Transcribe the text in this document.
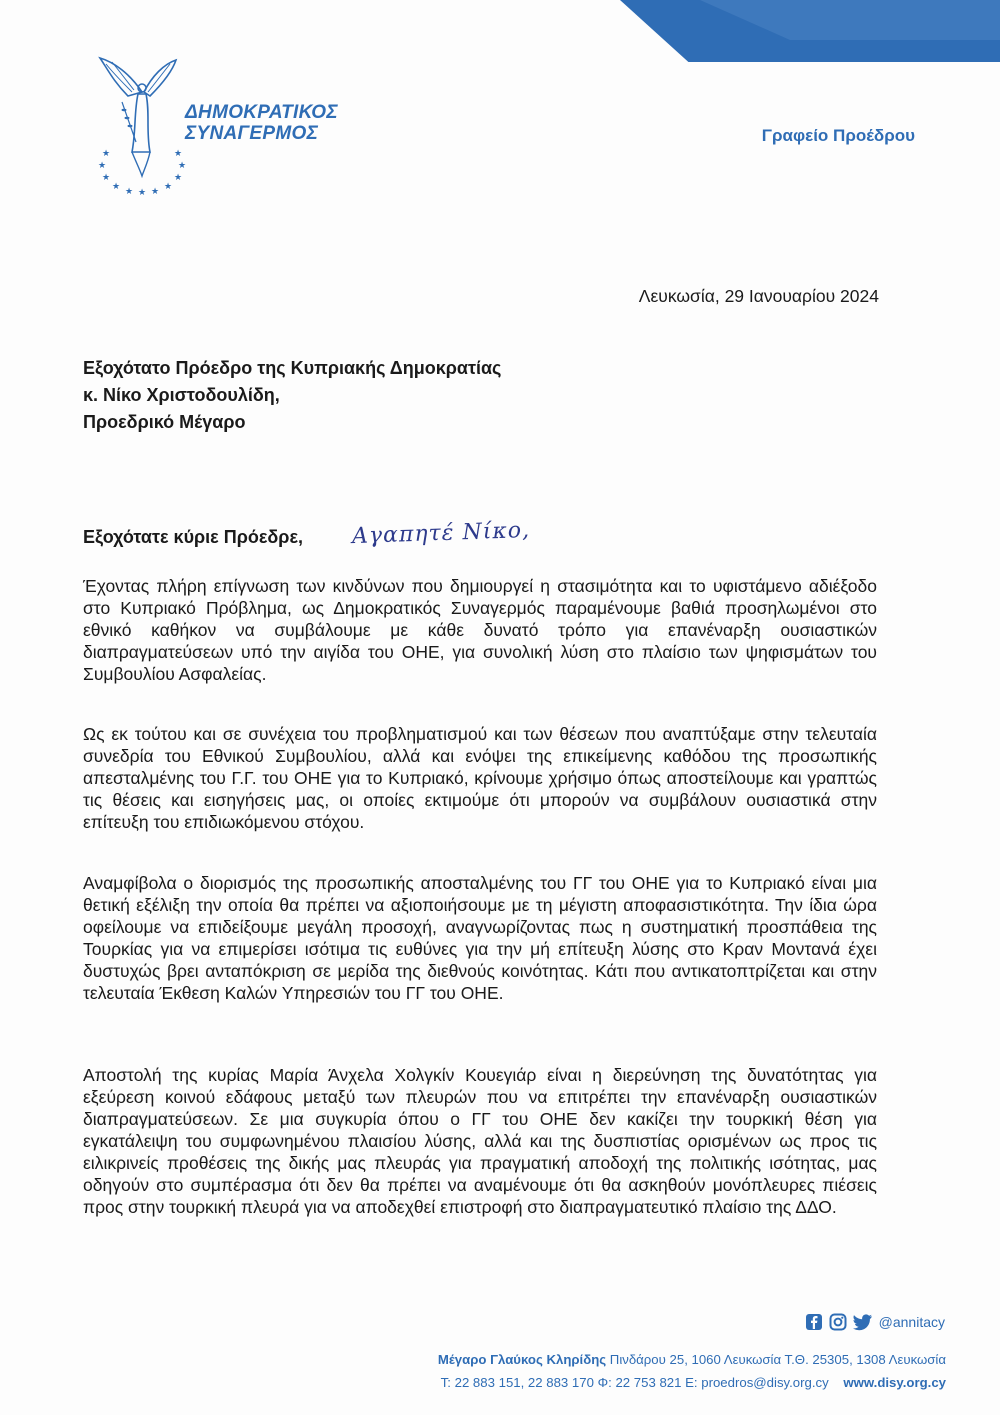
★
★
★
★ ★ ★ ★ ★
★
★
★
ΔΗΜΟΚΡΑΤΙΚΟΣ
ΣΥΝΑΓΕΡΜΟΣ	Γραφείο Προέδρου
Λευκωσία, 29 Ιανουαρίου 2024
Εξοχότατο Πρόεδρο της Κυπριακής Δημοκρατίας
κ. Νίκο Χριστοδουλίδη,
Προεδρικό Μέγαρο
Εξοχότατε κύριε Πρόεδρε, Αγαπητέ Νίκο,
Έχοντας πλήρη επίγνωση των κινδύνων που δημιουργεί η στασιμότητα και το υφιστάμενο αδιέξοδο στο Κυπριακό Πρόβλημα, ως Δημοκρατικός Συναγερμός παραμένουμε βαθιά προσηλωμένοι στο εθνικό καθήκον να συμβάλουμε με κάθε δυνατό τρόπο για επανέναρξη ουσιαστικών διαπραγματεύσεων υπό την αιγίδα του ΟΗΕ, για συνολική λύση στο πλαίσιο των ψηφισμάτων του Συμβουλίου Ασφαλείας.
Ως εκ τούτου και σε συνέχεια του προβληματισμού και των θέσεων που αναπτύξαμε στην τελευταία συνεδρία του Εθνικού Συμβουλίου, αλλά και ενόψει της επικείμενης καθόδου της προσωπικής απεσταλμένης του Γ.Γ. του ΟΗΕ για το Κυπριακό, κρίνουμε χρήσιμο όπως αποστείλουμε και γραπτώς τις θέσεις και εισηγήσεις μας, οι οποίες εκτιμούμε ότι μπορούν να συμβάλουν ουσιαστικά στην επίτευξη του επιδιωκόμενου στόχου.
Αναμφίβολα ο διορισμός της προσωπικής αποσταλμένης του ΓΓ του ΟΗΕ για το Κυπριακό είναι μια θετική εξέλιξη την οποία θα πρέπει να αξιοποιήσουμε με τη μέγιστη αποφασιστικότητα. Την ίδια ώρα οφείλουμε να επιδείξουμε μεγάλη προσοχή, αναγνωρίζοντας πως η συστηματική προσπάθεια της Τουρκίας για να επιμερίσει ισότιμα τις ευθύνες για την μή επίτευξη λύσης στο Κραν Μοντανά έχει δυστυχώς βρει ανταπόκριση σε μερίδα της διεθνούς κοινότητας. Κάτι που αντικατοπτρίζεται και στην τελευταία Έκθεση Καλών Υπηρεσιών του ΓΓ του ΟΗΕ.
Αποστολή της κυρίας Μαρία Άνχελα Χολγκίν Κουεγιάρ είναι η διερεύνηση της δυνατότητας για εξεύρεση κοινού εδάφους μεταξύ των πλευρών που να επιτρέπει την επανέναρξη ουσιαστικών διαπραγματεύσεων. Σε μια συγκυρία όπου ο ΓΓ του ΟΗΕ δεν κακίζει την τουρκική θέση για εγκατάλειψη του συμφωνημένου πλαισίου λύσης, αλλά και της δυσπιστίας ορισμένων ως προς τις ειλικρινείς προθέσεις της δικής μας πλευράς για πραγματική αποδοχή της πολιτικής ισότητας, μας οδηγούν στο συμπέρασμα ότι δεν θα πρέπει να αναμένουμε ότι θα ασκηθούν μονόπλευρες πιέσεις προς στην τουρκική πλευρά για να αποδεχθεί επιστροφή στο διαπραγματευτικό πλαίσιο της ΔΔΟ.
@annitacy
Μέγαρο Γλαύκος Κληρίδης Πινδάρου 25, 1060 Λευκωσία Τ.Θ. 25305, 1308 Λευκωσία
Τ: 22 883 151, 22 883 170 Φ: 22 753 821 E: proedros@disy.org.cy www.disy.org.cy
